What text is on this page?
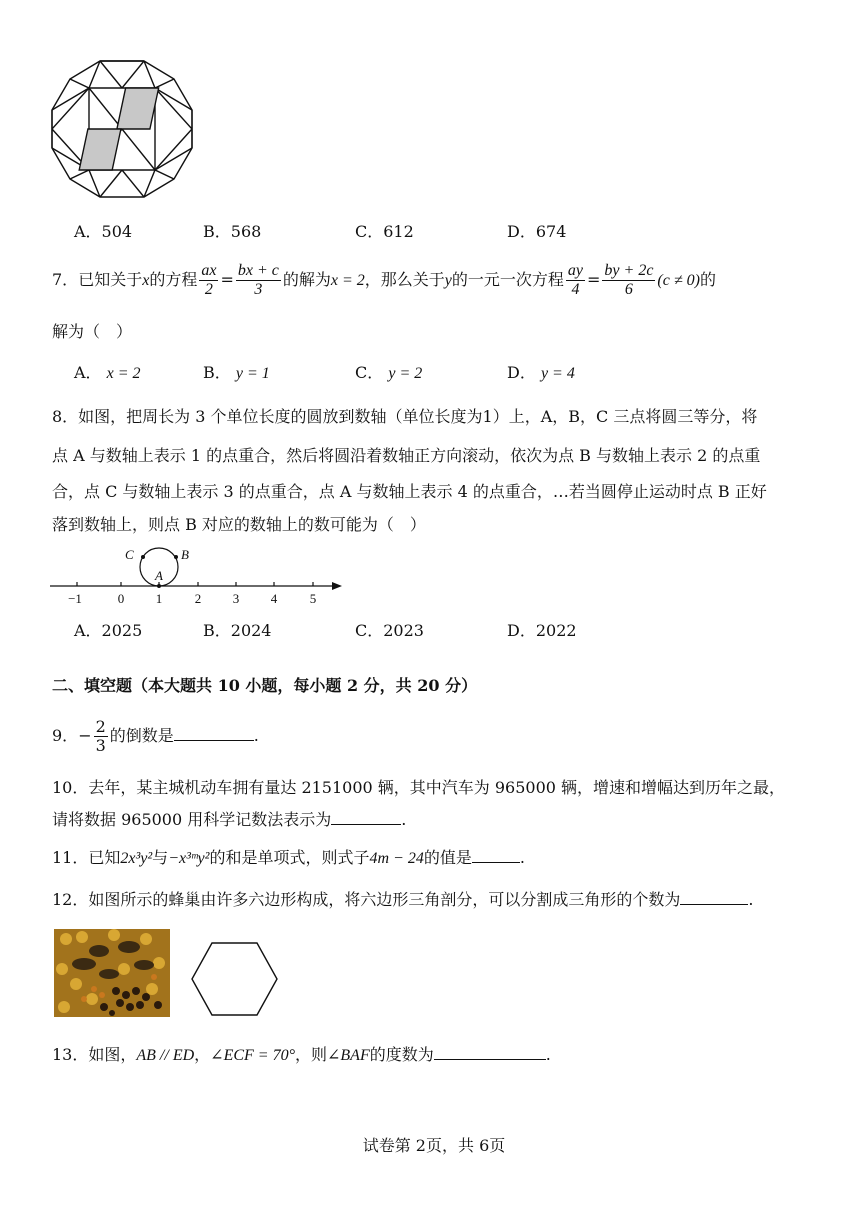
A．504	B．568	C．612	D．674
7．已知关于x的方程 $\frac{ax}{2} = \frac{bx + c}{3}$ 的解为x = 2，那么关于y的一元一次方程 $\frac{ay}{4} = \frac{by + 2c}{6} (c \ne 0)$的
解为（　）
A． x = 2	B． y = 1	C． y = 2	D． y = 4
8．如图，把周长为 3 个单位长度的圆放到数轴（单位长度为1）上，A，B，C 三点将圆三等分，将
点 A 与数轴上表示 1 的点重合，然后将圆沿着数轴正方向滚动，依次为点 B 与数轴上表示 2 的点重
合，点 C 与数轴上表示 3 的点重合，点 A 与数轴上表示 4 的点重合，…若当圆停止运动时点 B 正好
落到数轴上，则点 B 对应的数轴上的数可能为（　）
−1	0 1	2 3 4	5
C	B
A
A．2025	B．2024	C．2023	D．2022
二、填空题（本大题共 10 小题，每小题 2 分，共 20 分）
9．− $\frac{2}{3}$ 的倒数是	.
10．去年，某主城机动车拥有量达 2151000 辆，其中汽车为 965000 辆，增速和增幅达到历年之最，
请将数据 965000 用科学记数法表示为	.
11．已知2x³y²与−x³ᵐy²的和是单项式，则式子4m − 24的值是	.
12．如图所示的蜂巢由许多六边形构成，将六边形三角剖分，可以分割成三角形的个数为	.
13．如图，AB // ED，∠ECF = 70°，则∠BAF的度数为	.
试卷第 2页，共 6页
